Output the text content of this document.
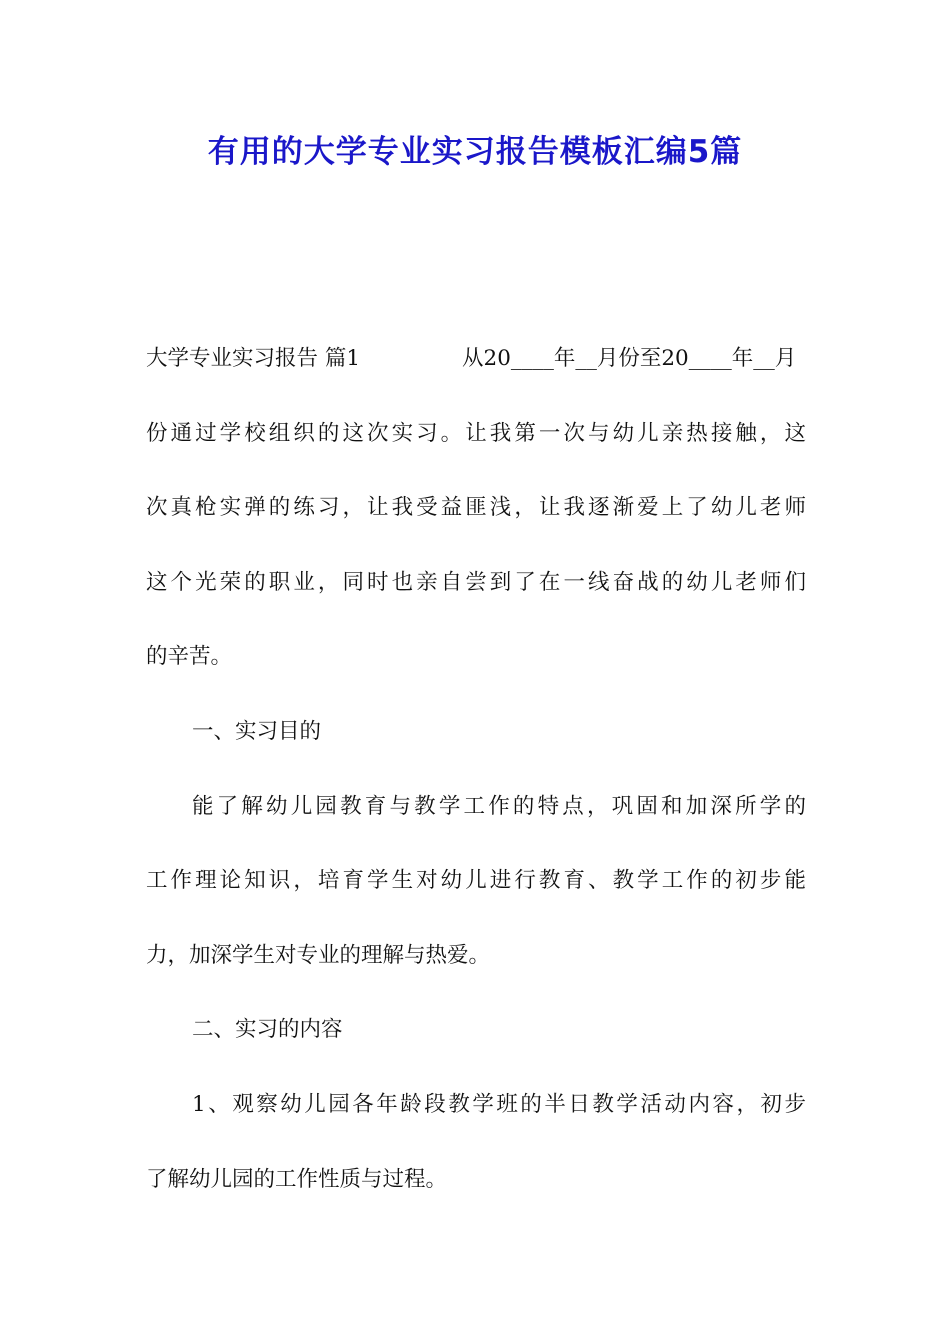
有用的大学专业实习报告模板汇编5篇
大学专业实习报告 篇1	从20____年__月份至20____年__月
份通过学校组织的这次实习。让我第一次与幼儿亲热接触，这
次真枪实弹的练习，让我受益匪浅，让我逐渐爱上了幼儿老师
这个光荣的职业，同时也亲自尝到了在一线奋战的幼儿老师们
的辛苦。
一、实习目的
能了解幼儿园教育与教学工作的特点，巩固和加深所学的
工作理论知识，培育学生对幼儿进行教育、教学工作的初步能
力，加深学生对专业的理解与热爱。
二、实习的内容
1、观察幼儿园各年龄段教学班的半日教学活动内容，初步
了解幼儿园的工作性质与过程。
